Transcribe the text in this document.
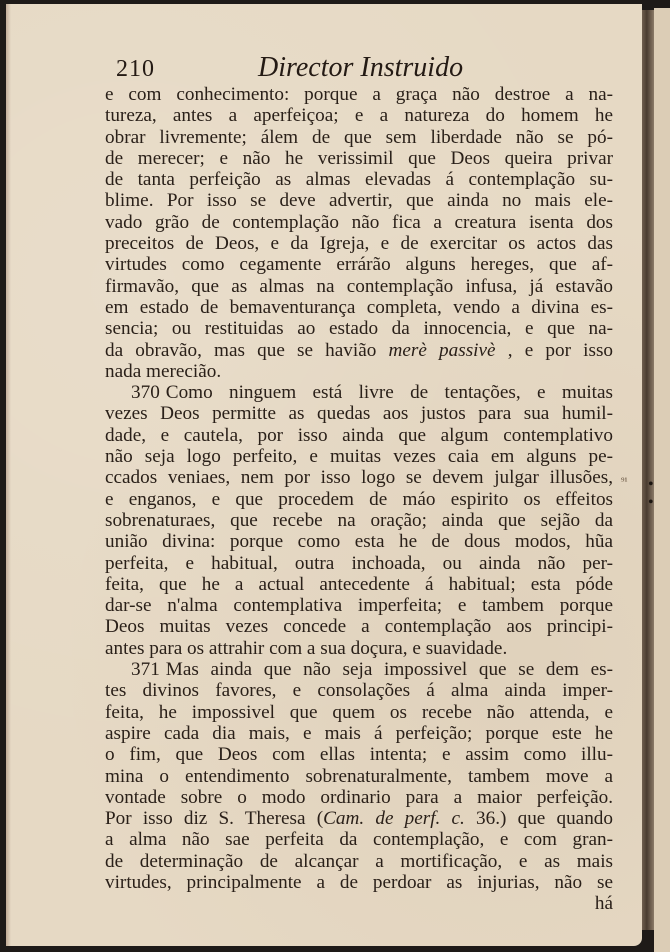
• •
⁹¹
210	Director Instruido
e com conhecimento: porque a graça não destroe a na-
tureza, antes a aperfeiçoa; e a natureza do homem he
obrar livremente; álem de que sem liberdade não se pó-
de merecer; e não he verissimil que Deos queira privar
de tanta perfeição as almas elevadas á contemplação su-
blime. Por isso se deve advertir, que ainda no mais ele-
vado grão de contemplação não fica a creatura isenta dos
preceitos de Deos, e da Igreja, e de exercitar os actos das
virtudes como cegamente errárão alguns hereges, que af-
firmavão, que as almas na contemplação infusa, já estavão
em estado de bemaventurança completa, vendo a divina es-
sencia; ou restituidas ao estado da innocencia, e que na-
da obravão, mas que se havião merè passivè , e por isso
nada merecião.
370 Como ninguem está livre de tentações, e muitas
vezes Deos permitte as quedas aos justos para sua humil-
dade, e cautela, por isso ainda que algum contemplativo
não seja logo perfeito, e muitas vezes caia em alguns pe-
ccados veniaes, nem por isso logo se devem julgar illusões,
e enganos, e que procedem de máo espirito os effeitos
sobrenaturaes, que recebe na oração; ainda que sejão da
união divina: porque como esta he de dous modos, hũa
perfeita, e habitual, outra inchoada, ou ainda não per-
feita, que he a actual antecedente á habitual; esta póde
dar-se n'alma contemplativa imperfeita; e tambem porque
Deos muitas vezes concede a contemplação aos principi-
antes para os attrahir com a sua doçura, e suavidade.
371 Mas ainda que não seja impossivel que se dem es-
tes divinos favores, e consolações á alma ainda imper-
feita, he impossivel que quem os recebe não attenda, e
aspire cada dia mais, e mais á perfeição; porque este he
o fim, que Deos com ellas intenta; e assim como illu-
mina o entendimento sobrenaturalmente, tambem move a
vontade sobre o modo ordinario para a maior perfeição.
Por isso diz S. Theresa (Cam. de perf. c. 36.) que quando
a alma não sae perfeita da contemplação, e com gran-
de determinação de alcançar a mortificação, e as mais
virtudes, principalmente a de perdoar as injurias, não se
há
